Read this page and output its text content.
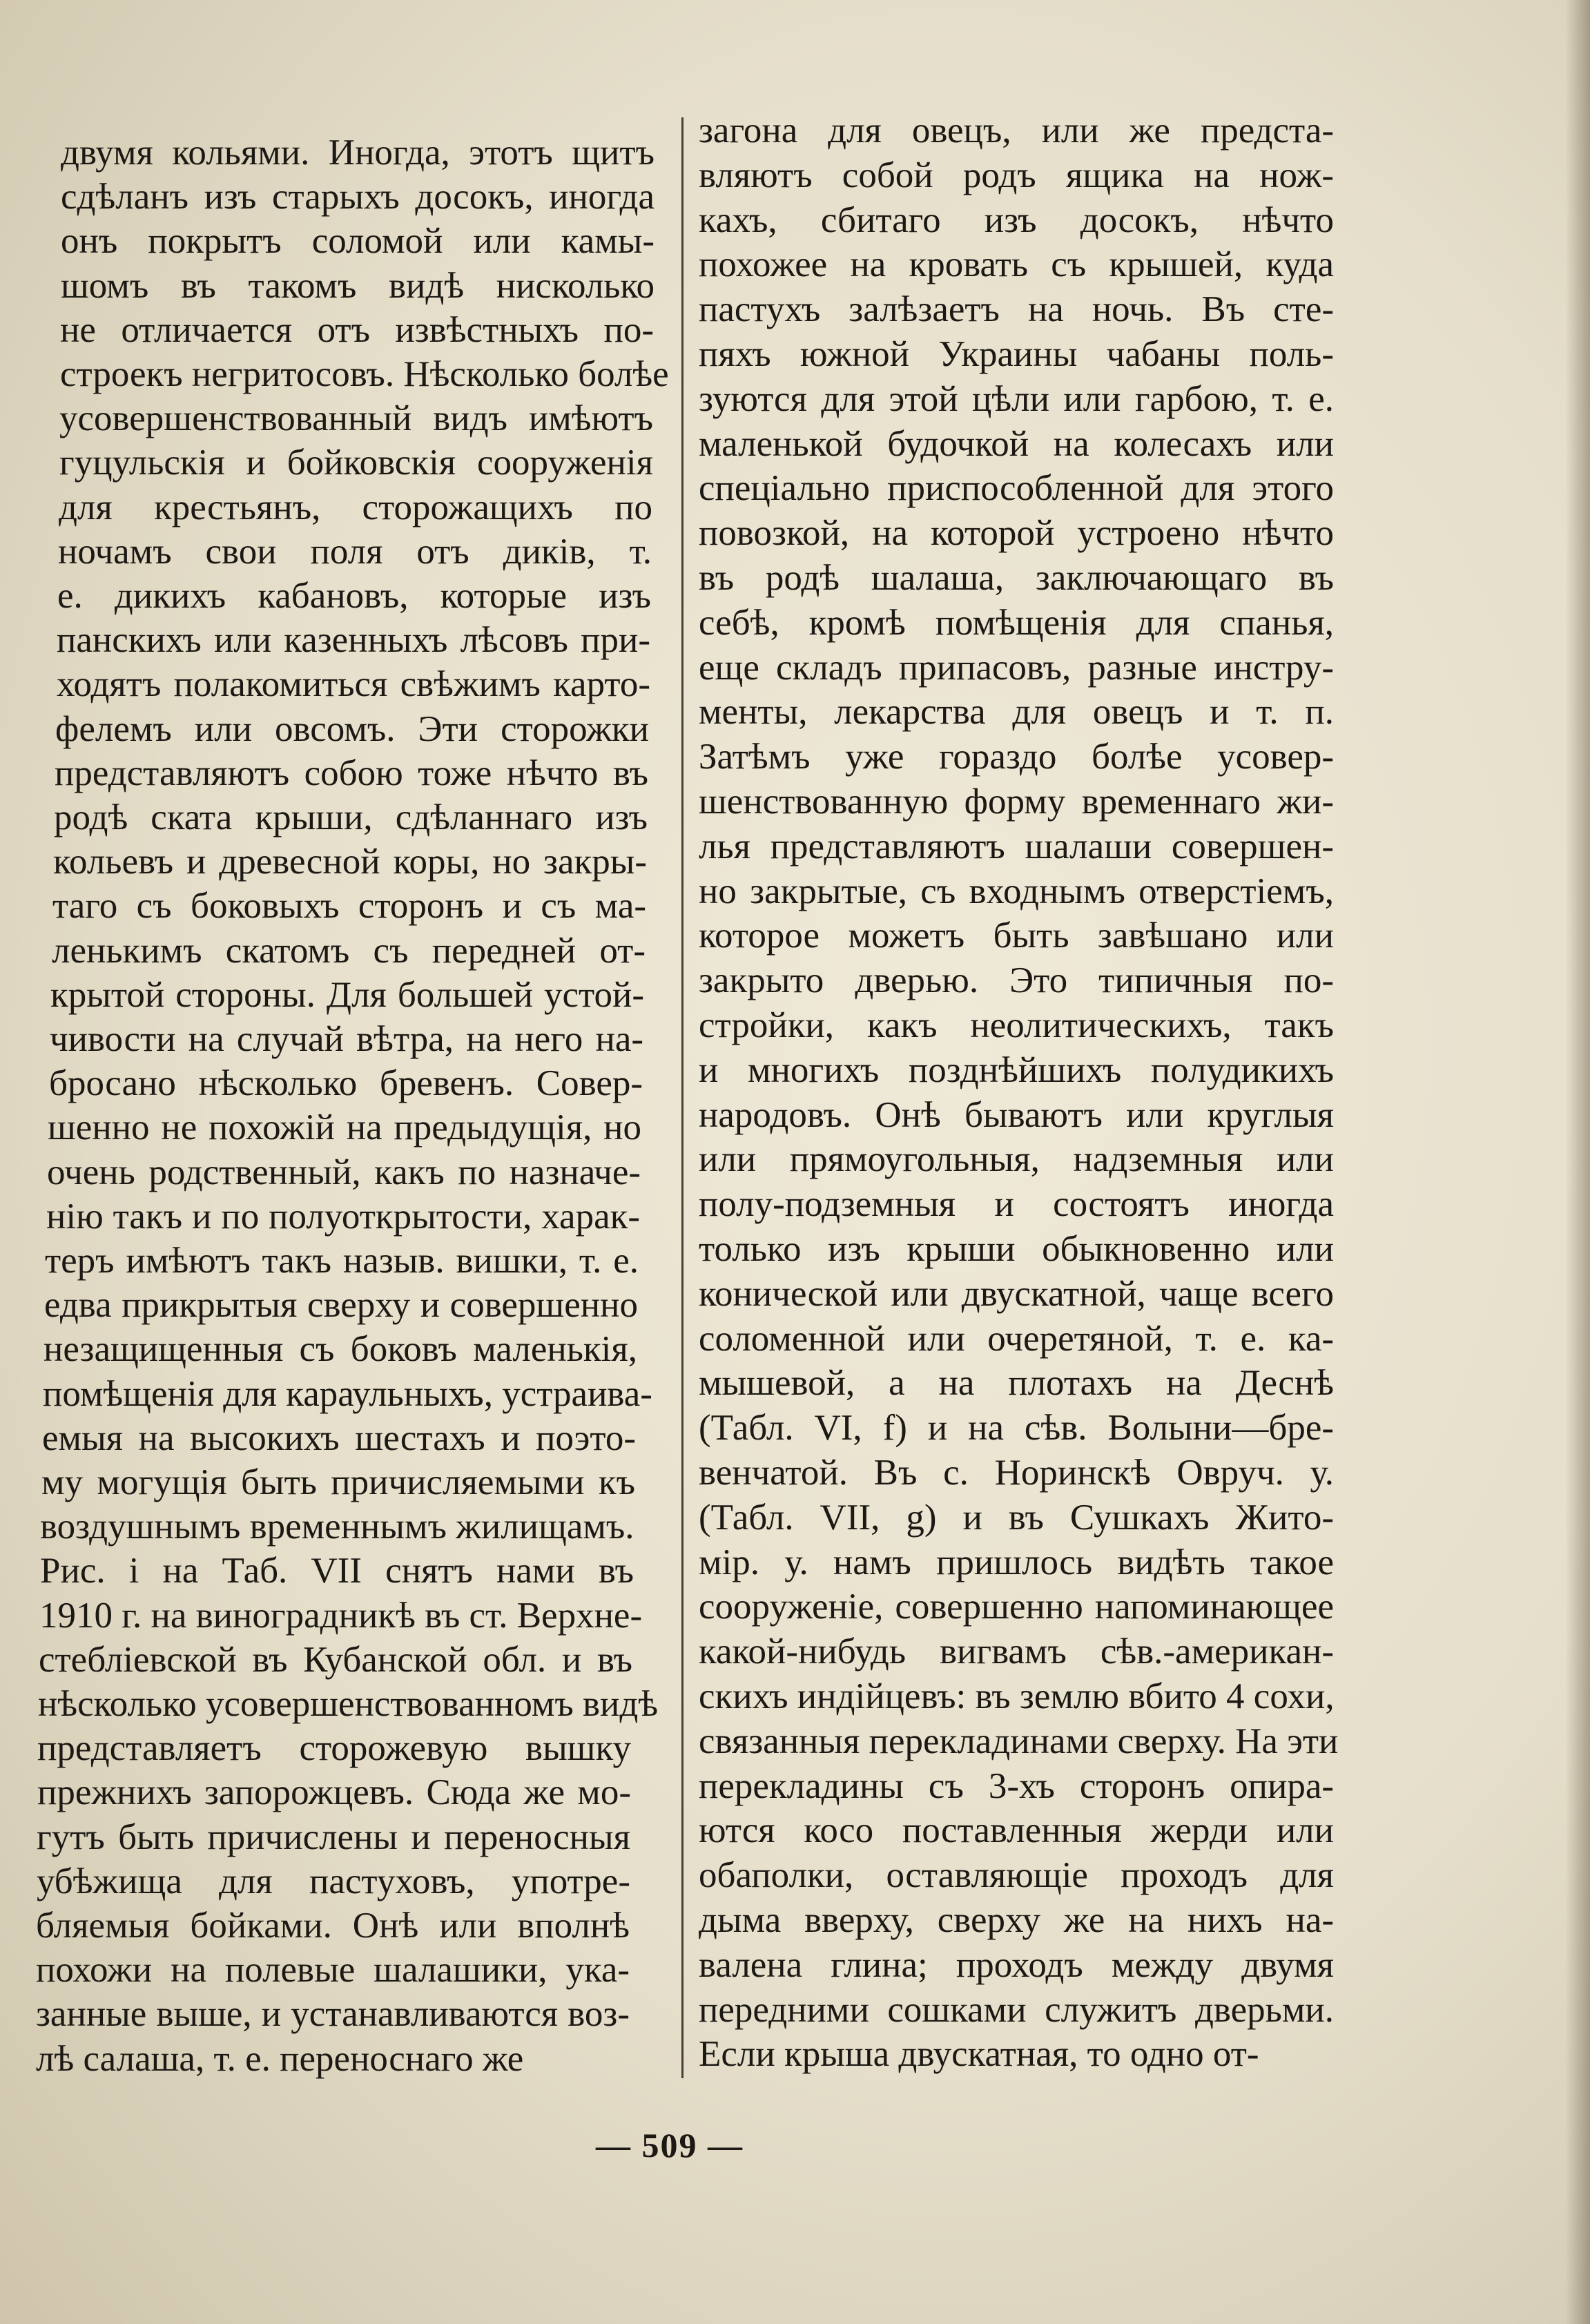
двумя кольями. Иногда, этотъ щитъ
сдѣланъ изъ старыхъ досокъ, иногда
онъ покрытъ соломой или камы-
шомъ въ такомъ видѣ нисколько
не отличается отъ извѣстныхъ по-
строекъ негритосовъ. Нѣсколько болѣе
усовершенствованный видъ имѣютъ
гуцульскія и бойковскія сооруженія
для крестьянъ, сторожащихъ по
ночамъ свои поля отъ дикiв, т.
е. дикихъ кабановъ, которые изъ
панскихъ или казенныхъ лѣсовъ при-
ходятъ полакомиться свѣжимъ карто-
фелемъ или овсомъ. Эти сторожки
представляютъ собою тоже нѣчто въ
родѣ ската крыши, сдѣланнаго изъ
кольевъ и древесной коры, но закры-
таго съ боковыхъ сторонъ и съ ма-
ленькимъ скатомъ съ передней от-
крытой стороны. Для большей устой-
чивости на случай вѣтра, на него на-
бросано нѣсколько бревенъ. Совер-
шенно не похожiй на предыдущiя, но
очень родственный, какъ по назначе-
нiю такъ и по полуоткрытости, харак-
теръ имѣютъ такъ назыв. вишки, т. е.
едва прикрытыя сверху и совершенно
незащищенныя съ боковъ маленькiя,
помѣщенiя для караульныхъ, устраива-
емыя на высокихъ шестахъ и поэто-
му могущiя быть причисляемыми къ
воздушнымъ временнымъ жилищамъ.
Рис. i на Таб. VII снятъ нами въ
1910 г. на виноградникѣ въ ст. Верхне-
стеблiевской въ Кубанской обл. и въ
нѣсколько усовершенствованномъ видѣ
представляетъ сторожевую вышку
прежнихъ запорожцевъ. Сюда же мо-
гутъ быть причислены и переносныя
убѣжища для пастуховъ, употре-
бляемыя бойками. Онѣ или вполнѣ
похожи на полевые шалашики, ука-
занные выше, и устанавливаются воз-
лѣ салаша, т. е. переноснаго же
загона для овецъ, или же предста-
вляютъ собой родъ ящика на нож-
кахъ, сбитаго изъ досокъ, нѣчто
похожее на кровать съ крышей, куда
пастухъ залѣзаетъ на ночь. Въ сте-
пяхъ южной Украины чабаны поль-
зуются для этой цѣли или гарбою, т. е.
маленькой будочкой на колесахъ или
спецiально приспособленной для этого
повозкой, на которой устроено нѣчто
въ родѣ шалаша, заключающаго въ
себѣ, кромѣ помѣщенiя для спанья,
еще складъ припасовъ, разные инстру-
менты, лекарства для овецъ и т. п.
Затѣмъ уже гораздо болѣе усовер-
шенствованную форму временнаго жи-
лья представляютъ шалаши совершен-
но закрытые, съ входнымъ отверстiемъ,
которое можетъ быть завѣшано или
закрыто дверью. Это типичныя по-
стройки, какъ неолитическихъ, такъ
и многихъ позднѣйшихъ полудикихъ
народовъ. Онѣ бываютъ или круглыя
или прямоугольныя, надземныя или
полу-подземныя и состоятъ иногда
только изъ крыши обыкновенно или
конической или двускатной, чаще всего
соломенной или очеретяной, т. е. ка-
мышевой, а на плотахъ на Деснѣ
(Табл. VI, f) и на сѣв. Волыни—бре-
венчатой. Въ с. Норинскѣ Овруч. у.
(Табл. VII, g) и въ Сушкахъ Жито-
мiр. у. намъ пришлось видѣть такое
сооруженiе, совершенно напоминающее
какой-нибудь вигвамъ сѣв.-американ-
скихъ индiйцевъ: въ землю вбито 4 сохи,
связанныя перекладинами сверху. На эти
перекладины съ 3-хъ сторонъ опира-
ются косо поставленныя жерди или
обаполки, оставляющiе проходъ для
дыма вверху, сверху же на нихъ на-
валена глина; проходъ между двумя
передними сошками служитъ дверьми.
Если крыша двускатная, то одно от-
— 509 —
